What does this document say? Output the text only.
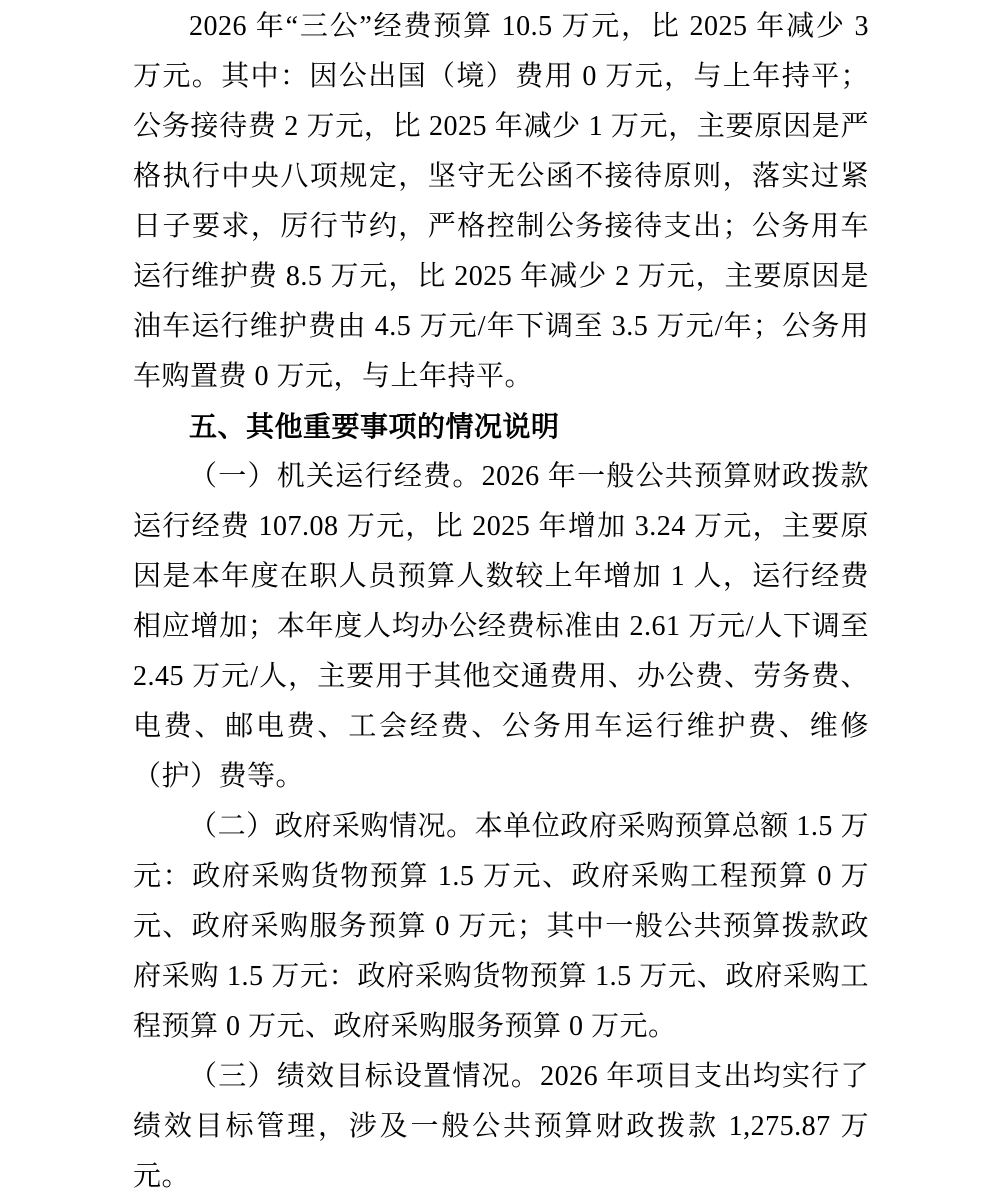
2026 年“三公”经费预算 10.5 万元，比 2025 年减少 3 万元。其中：因公出国（境）费用 0 万元，与上年持平；公务接待费 2 万元，比 2025 年减少 1 万元，主要原因是严格执行中央八项规定，坚守无公函不接待原则，落实过紧日子要求，厉行节约，严格控制公务接待支出；公务用车运行维护费 8.5 万元，比 2025 年减少 2 万元，主要原因是油车运行维护费由 4.5 万元/年下调至 3.5 万元/年；公务用车购置费 0 万元，与上年持平。

五、其他重要事项的情况说明

（一）机关运行经费。2026 年一般公共预算财政拨款运行经费 107.08 万元，比 2025 年增加 3.24 万元，主要原因是本年度在职人员预算人数较上年增加 1 人，运行经费相应增加；本年度人均办公经费标准由 2.61 万元/人下调至 2.45 万元/人，主要用于其他交通费用、办公费、劳务费、电费、邮电费、工会经费、公务用车运行维护费、维修（护）费等。

（二）政府采购情况。本单位政府采购预算总额 1.5 万元：政府采购货物预算 1.5 万元、政府采购工程预算 0 万元、政府采购服务预算 0 万元；其中一般公共预算拨款政府采购 1.5 万元：政府采购货物预算 1.5 万元、政府采购工程预算 0 万元、政府采购服务预算 0 万元。

（三）绩效目标设置情况。2026 年项目支出均实行了绩效目标管理，涉及一般公共预算财政拨款 1,275.87 万元。
